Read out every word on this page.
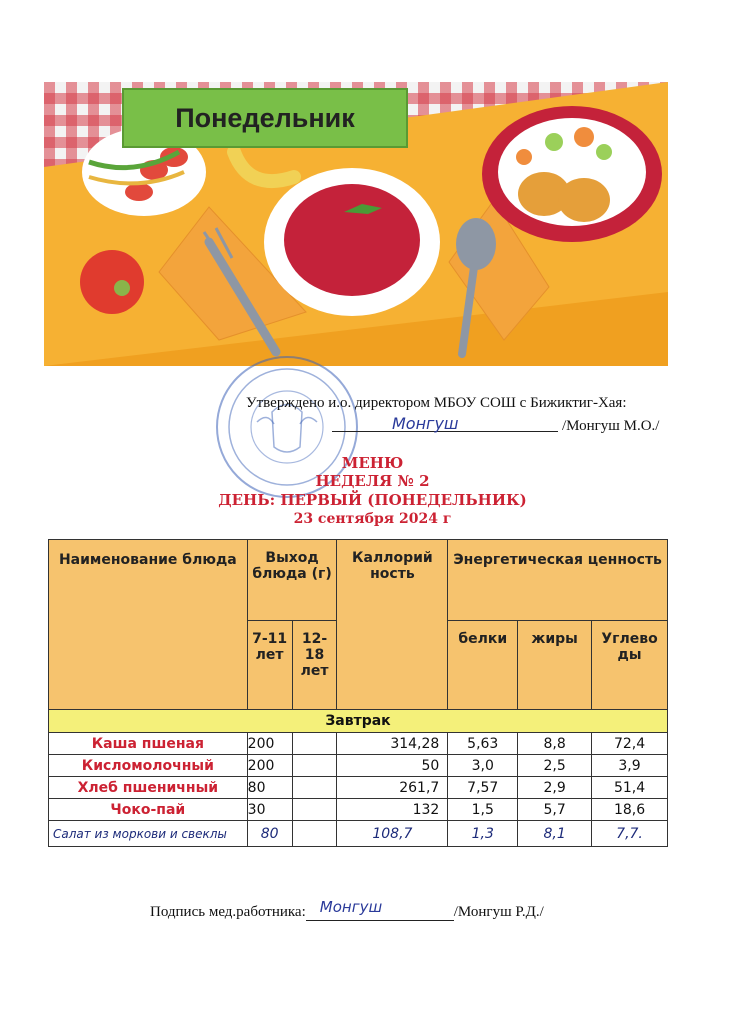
Понедельник
Утверждено и.о. директором МБОУ СОШ с Бижиктиг-Хая:
Монгуш	/Монгуш М.О./
МЕНЮ
НЕДЕЛЯ № 2
ДЕНЬ: ПЕРВЫЙ (ПОНЕДЕЛЬНИК)
23 сентября 2024 г
Наименование блюда	Выход блюда (г)		Каллорий ность	Энергетическая ценность		
	7-11 лет	12-18 лет		белки	жиры	Углево ды
Завтрак						
Каша пшеная	200		314,28	5,63	8,8	72,4
Кисломолочный	200		50	3,0	2,5	3,9
Хлеб пшеничный	80		261,7	7,57	2,9	51,4
Чоко-пай	30		132	1,5	5,7	18,6
Салат из моркови и свеклы	80		108,7	1,3	8,1	7,7.
Подпись мед.работника: Монгуш	/Монгуш Р.Д./
